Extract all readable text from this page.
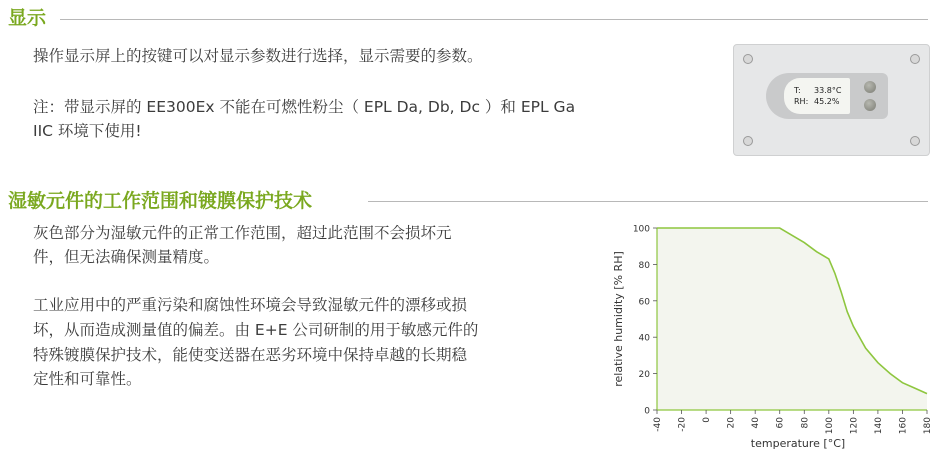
显示
操作显示屏上的按键可以对显示参数进行选择，显示需要的参数。
注：带显示屏的 EE300Ex 不能在可燃性粉尘（ EPL Da, Db, Dc ）和 EPL Ga
IIC 环境下使用!
T:	33.8°C
RH: 45.2%
湿敏元件的工作范围和镀膜保护技术
灰色部分为湿敏元件的正常工作范围，超过此范围不会损坏元
件，但无法确保测量精度。
工业应用中的严重污染和腐蚀性环境会导致湿敏元件的漂移或损
坏，从而造成测量值的偏差。由 E+E 公司研制的用于敏感元件的
特殊镀膜保护技术，能使变送器在恶劣环境中保持卓越的长期稳
定性和可靠性。
0
20
40
60
80
100
-40 -20 0 20 40 60 80 100 120 140 160 180
relative humidity [% RH]
temperature [°C]
